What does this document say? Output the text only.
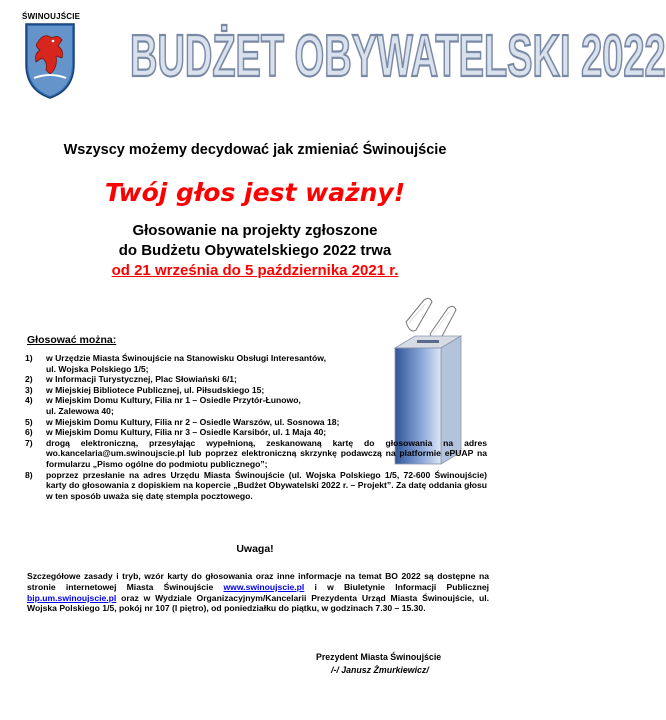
ŚWINOUJŚCIE
BUDŻET OBYWATELSKI 2022
Wszyscy możemy decydować jak zmieniać Świnoujście
Twój głos jest ważny!
Głosowanie na projekty zgłoszone
do Budżetu Obywatelskiego 2022 trwa
od 21 września do 5 października 2021 r.
Głosować można:
1) w Urzędzie Miasta Świnoujście na Stanowisku Obsługi Interesantów,
ul. Wojska Polskiego 1/5;
2) w Informacji Turystycznej, Plac Słowiański 6/1;
3) w Miejskiej Bibliotece Publicznej, ul. Piłsudskiego 15;
4) w Miejskim Domu Kultury, Filia nr 1 – Osiedle Przytór-Łunowo,
ul. Zalewowa 40;
5) w Miejskim Domu Kultury, Filia nr 2 – Osiedle Warszów, ul. Sosnowa 18;
6) w Miejskim Domu Kultury, Filia nr 3 – Osiedle Karsibór, ul. 1 Maja 40;
7) drogą elektroniczną, przesyłając wypełnioną, zeskanowaną kartę do głosowania na adres wo.kancelaria@um.swinoujscie.pl lub poprzez elektroniczną skrzynkę podawczą na platformie ePUAP na formularzu „Pismo ogólne do podmiotu publicznego”;
8) poprzez przesłanie na adres Urzędu Miasta Świnoujście (ul. Wojska Polskiego 1/5, 72-600 Świnoujście) karty do głosowania z dopiskiem na kopercie „Budżet Obywatelski 2022 r. – Projekt”. Za datę oddania głosu w ten sposób uważa się datę stempla pocztowego.
Uwaga!
Szczegółowe zasady i tryb, wzór karty do głosowania oraz inne informacje na temat BO 2022 są dostępne na stronie internetowej Miasta Świnoujście www.swinoujscie.pl i w Biuletynie Informacji Publicznej bip.um.swinoujscie.pl oraz w Wydziale Organizacyjnym/Kancelarii Prezydenta Urząd Miasta Świnoujście, ul. Wojska Polskiego 1/5, pokój nr 107 (I piętro), od poniedziałku do piątku, w godzinach 7.30 – 15.30.
Prezydent Miasta Świnoujście
/-/ Janusz Żmurkiewicz/
